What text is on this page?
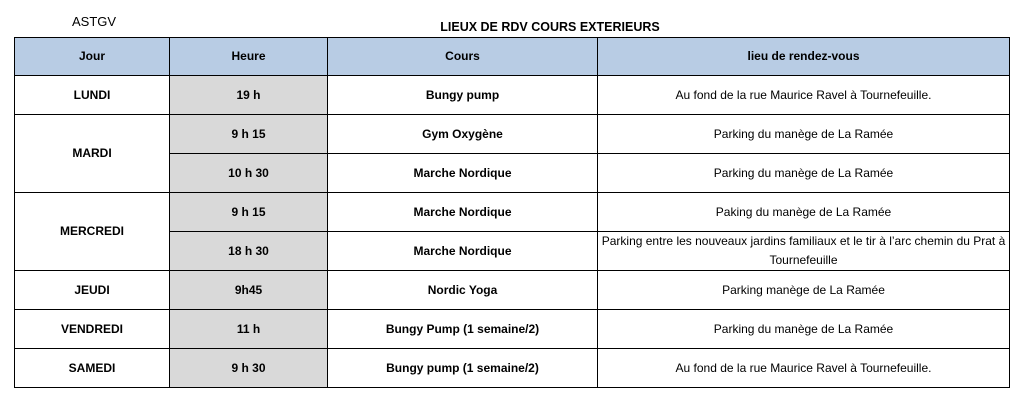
ASTGV	LIEUX DE RDV COURS EXTERIEURS
Jour	Heure	Cours	lieu de rendez-vous
LUNDI	19 h	Bungy pump	Au fond de la rue Maurice Ravel à Tournefeuille.
MARDI	9 h 15	Gym Oxygène	Parking du manège de La Ramée
	10 h 30	Marche Nordique	Parking du manège de La Ramée
MERCREDI	9 h 15	Marche Nordique	Paking du manège de La Ramée
	18 h 30	Marche Nordique	Parking entre les nouveaux jardins familiaux et le tir à l’arc chemin du Prat à Tournefeuille
JEUDI	9h45	Nordic Yoga	Parking manège de La Ramée
VENDREDI	11 h	Bungy Pump (1 semaine/2)	Parking du manège de La Ramée
SAMEDI	9 h 30	Bungy pump (1 semaine/2)	Au fond de la rue Maurice Ravel à Tournefeuille.
